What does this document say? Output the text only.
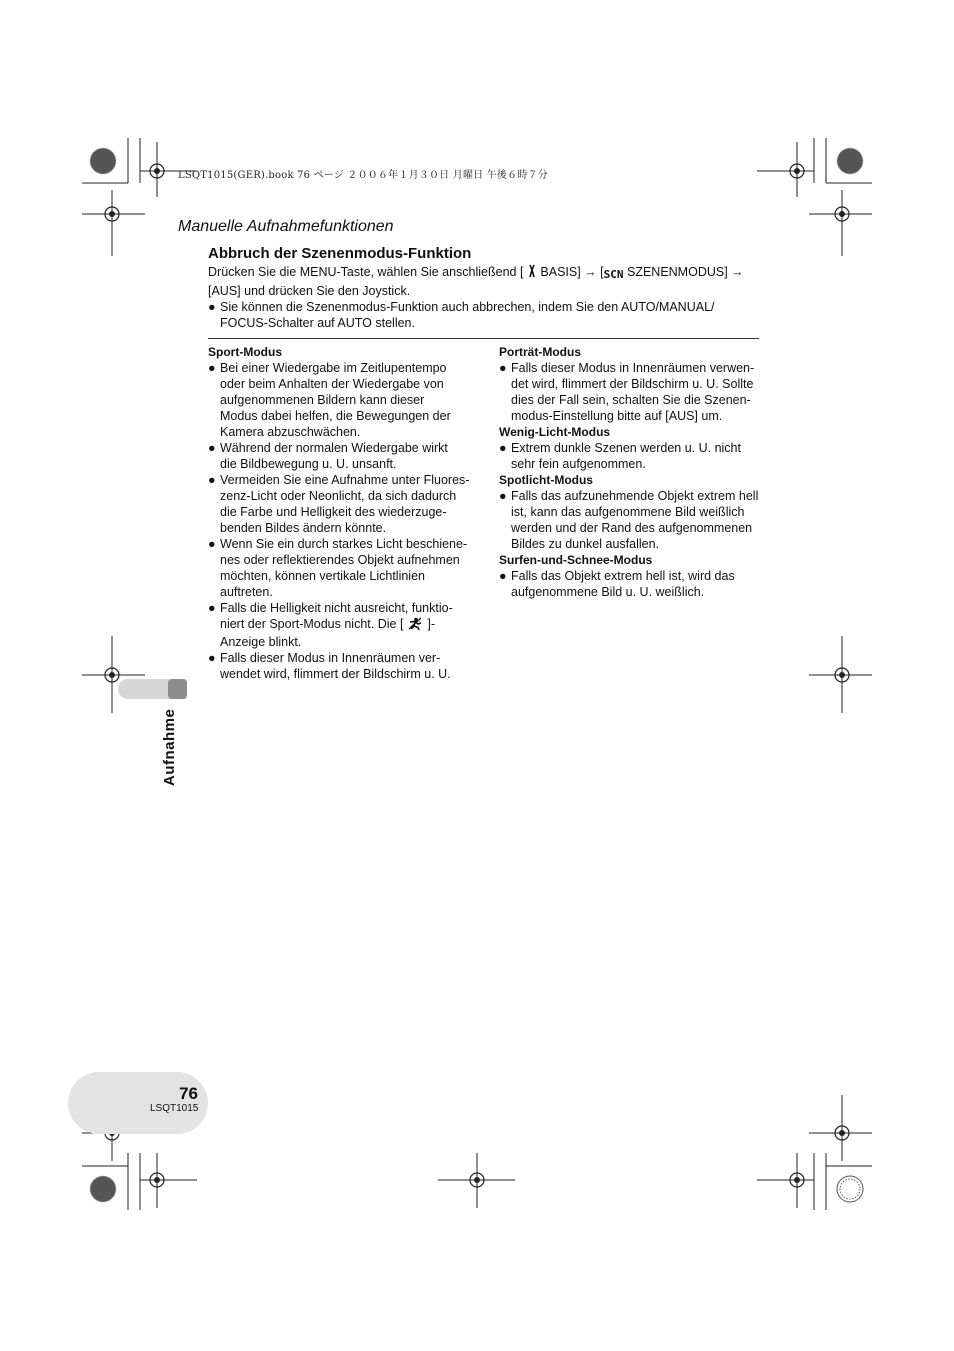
LSQT1015(GER).book 76 ページ ２００６年１月３０日 月曜日 午後６時７分
Manuelle Aufnahmefunktionen
Abbruch der Szenenmodus-Funktion
Drücken Sie die MENU-Taste, wählen Sie anschließend [ BASIS] → [SCN SZENENMODUS] →
[AUS] und drücken Sie den Joystick.
● Sie können die Szenenmodus-Funktion auch abbrechen, indem Sie den AUTO/MANUAL/
FOCUS-Schalter auf AUTO stellen.
Sport-Modus
● Bei einer Wiedergabe im Zeitlupentempo
oder beim Anhalten der Wiedergabe von
aufgenommenen Bildern kann dieser
Modus dabei helfen, die Bewegungen der
Kamera abzuschwächen.
● Während der normalen Wiedergabe wirkt
die Bildbewegung u. U. unsanft.
● Vermeiden Sie eine Aufnahme unter Fluores-
zenz-Licht oder Neonlicht, da sich dadurch
die Farbe und Helligkeit des wiederzuge-
benden Bildes ändern könnte.
● Wenn Sie ein durch starkes Licht beschiene-
nes oder reflektierendes Objekt aufnehmen
möchten, können vertikale Lichtlinien
auftreten.
● Falls die Helligkeit nicht ausreicht, funktio-
niert der Sport-Modus nicht. Die [ ]-
Anzeige blinkt.
● Falls dieser Modus in Innenräumen ver-
wendet wird, flimmert der Bildschirm u. U.
Porträt-Modus
● Falls dieser Modus in Innenräumen verwen-
det wird, flimmert der Bildschirm u. U. Sollte
dies der Fall sein, schalten Sie die Szenen-
modus-Einstellung bitte auf [AUS] um.
Wenig-Licht-Modus
● Extrem dunkle Szenen werden u. U. nicht
sehr fein aufgenommen.
Spotlicht-Modus
● Falls das aufzunehmende Objekt extrem hell
ist, kann das aufgenommene Bild weißlich
werden und der Rand des aufgenommenen
Bildes zu dunkel ausfallen.
Surfen-und-Schnee-Modus
● Falls das Objekt extrem hell ist, wird das
aufgenommene Bild u. U. weißlich.
Aufnahme
76
LSQT1015
